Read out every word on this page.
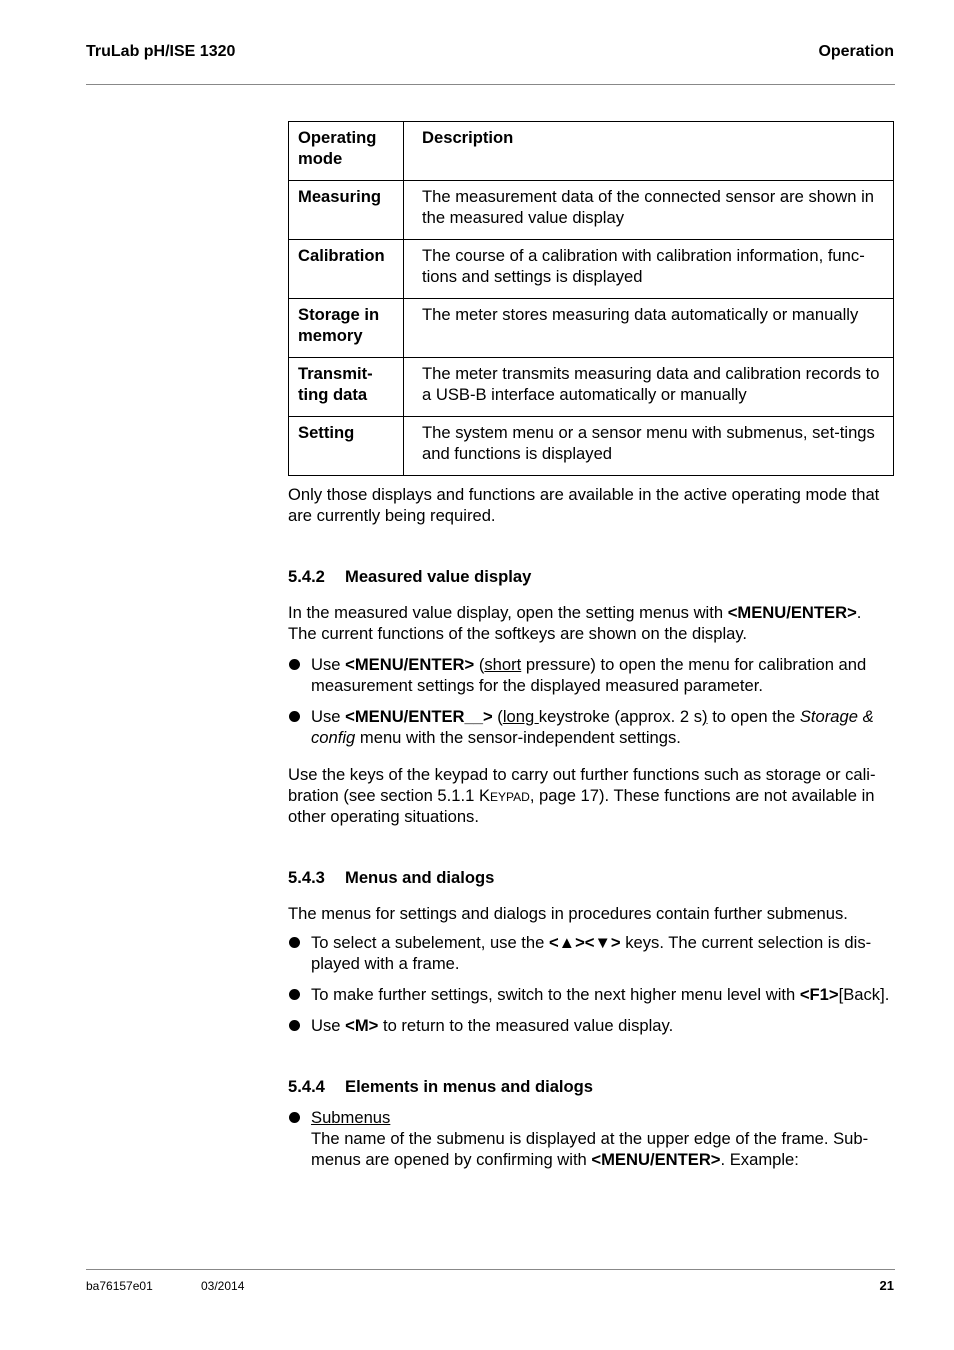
TruLab pH/ISE 1320	Operation
Operating mode	Description
Measuring	The measurement data of the connected sensor are shown in the measured value display
Calibration	The course of a calibration with calibration information, func-tions and settings is displayed
Storage in memory	The meter stores measuring data automatically or manually
Transmit-ting data	The meter transmits measuring data and calibration records to a USB-B interface automatically or manually
Setting	The system menu or a sensor menu with submenus, set-tings and functions is displayed

Only those displays and functions are available in the active operating mode that are currently being required.

5.4.2 Measured value display

In the measured value display, open the setting menus with <MENU/ENTER>. The current functions of the softkeys are shown on the display.

Use <MENU/ENTER> (short pressure) to open the menu for calibration and measurement settings for the displayed measured parameter.
Use <MENU/ENTER__> (long keystroke (approx. 2 s) to open the Storage & config menu with the sensor-independent settings.

Use the keys of the keypad to carry out further functions such as storage or cali-bration (see section 5.1.1 Keypad, page 17). These functions are not available in other operating situations.

5.4.3 Menus and dialogs

The menus for settings and dialogs in procedures contain further submenus.

To select a subelement, use the <▲><▼> keys. The current selection is dis-played with a frame.
To make further settings, switch to the next higher menu level with <F1>[Back].
Use <M> to return to the measured value display.
5.4.4 Elements in menus and dialogs
Submenus
The name of the submenu is displayed at the upper edge of the frame. Sub-menus are opened by confirming with <MENU/ENTER>. Example:
ba76157e01	03/2014	21
